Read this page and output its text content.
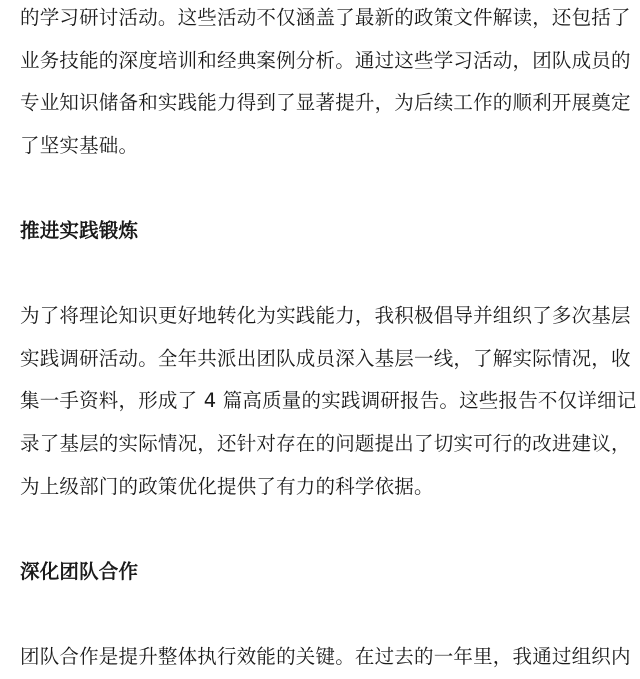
的学习研讨活动。这些活动不仅涵盖了最新的政策文件解读，还包括了
业务技能的深度培训和经典案例分析。通过这些学习活动，团队成员的
专业知识储备和实践能力得到了显著提升，为后续工作的顺利开展奠定
了坚实基础。

推进实践锻炼

为了将理论知识更好地转化为实践能力，我积极倡导并组织了多次基层
实践调研活动。全年共派出团队成员深入基层一线，了解实际情况，收
集一手资料，形成了 4 篇高质量的实践调研报告。这些报告不仅详细记
录了基层的实际情况，还针对存在的问题提出了切实可行的改进建议，
为上级部门的政策优化提供了有力的科学依据。

深化团队合作

团队合作是提升整体执行效能的关键。在过去的一年里，我通过组织内
